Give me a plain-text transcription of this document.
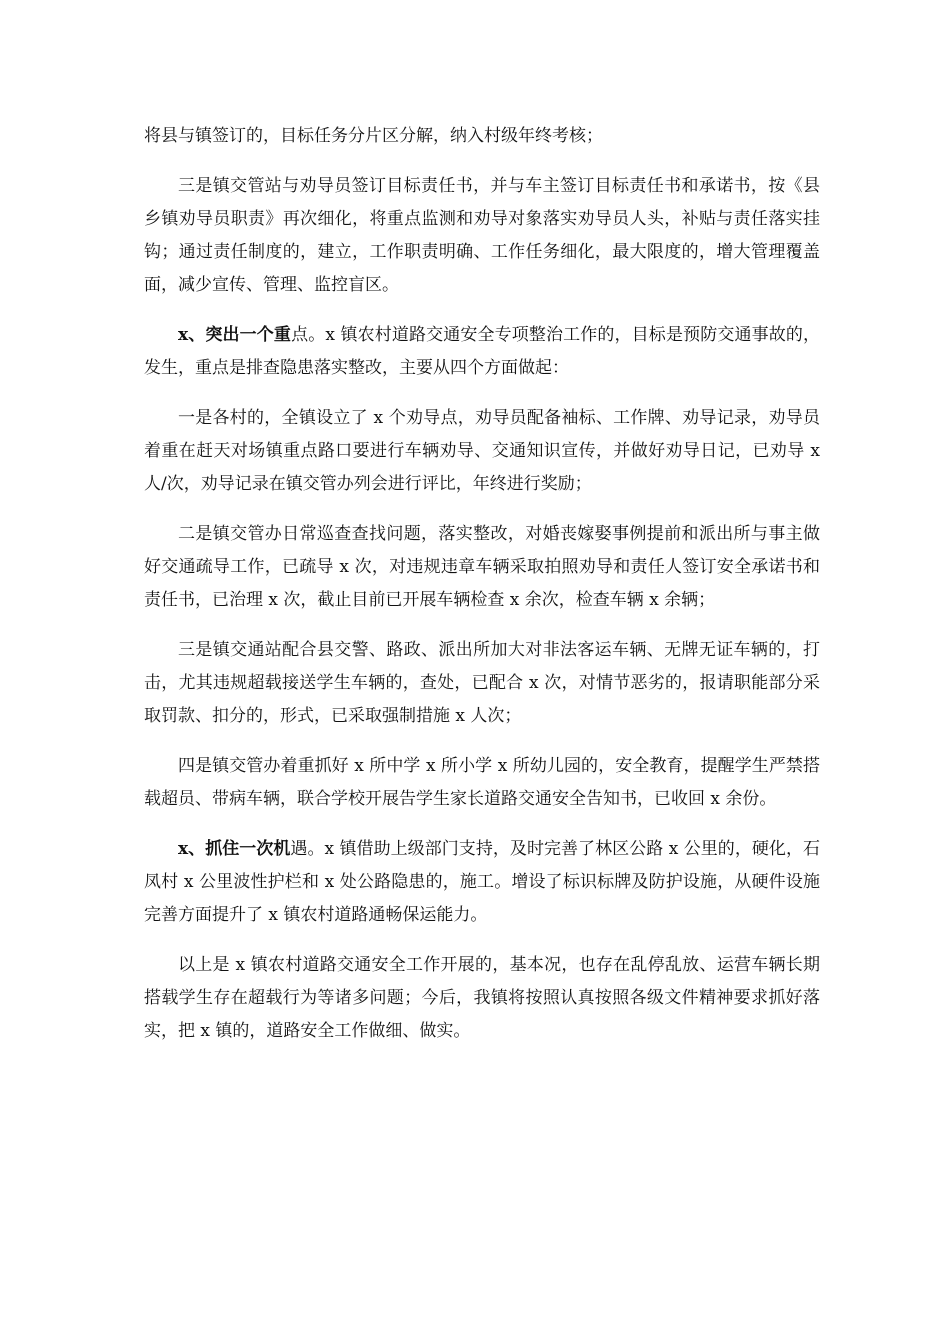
将县与镇签订的，目标任务分片区分解，纳入村级年终考核；

三是镇交管站与劝导员签订目标责任书，并与车主签订目标责任书和承诺书，按《县乡镇劝导员职责》再次细化，将重点监测和劝导对象落实劝导员人头，补贴与责任落实挂钩；通过责任制度的，建立，工作职责明确、工作任务细化，最大限度的，增大管理覆盖面，减少宣传、管理、监控盲区。

x、突出一个重点。x 镇农村道路交通安全专项整治工作的，目标是预防交通事故的，发生，重点是排查隐患落实整改，主要从四个方面做起：

一是各村的，全镇设立了 x 个劝导点，劝导员配备袖标、工作牌、劝导记录，劝导员着重在赶天对场镇重点路口要进行车辆劝导、交通知识宣传，并做好劝导日记，已劝导 x 人/次，劝导记录在镇交管办列会进行评比，年终进行奖励；

二是镇交管办日常巡查查找问题，落实整改，对婚丧嫁娶事例提前和派出所与事主做好交通疏导工作，已疏导 x 次，对违规违章车辆采取拍照劝导和责任人签订安全承诺书和责任书，已治理 x 次，截止目前已开展车辆检查 x 余次，检查车辆 x 余辆；

三是镇交通站配合县交警、路政、派出所加大对非法客运车辆、无牌无证车辆的，打击，尤其违规超载接送学生车辆的，查处，已配合 x 次，对情节恶劣的，报请职能部分采取罚款、扣分的，形式，已采取强制措施 x 人次；

四是镇交管办着重抓好 x 所中学 x 所小学 x 所幼儿园的，安全教育，提醒学生严禁搭载超员、带病车辆，联合学校开展告学生家长道路交通安全告知书，已收回 x 余份。

x、抓住一次机遇。x 镇借助上级部门支持，及时完善了林区公路 x 公里的，硬化，石凤村 x 公里波性护栏和 x 处公路隐患的，施工。增设了标识标牌及防护设施，从硬件设施完善方面提升了 x 镇农村道路通畅保运能力。

以上是 x 镇农村道路交通安全工作开展的，基本况，也存在乱停乱放、运营车辆长期搭载学生存在超载行为等诸多问题；今后，我镇将按照认真按照各级文件精神要求抓好落实，把 x 镇的，道路安全工作做细、做实。
